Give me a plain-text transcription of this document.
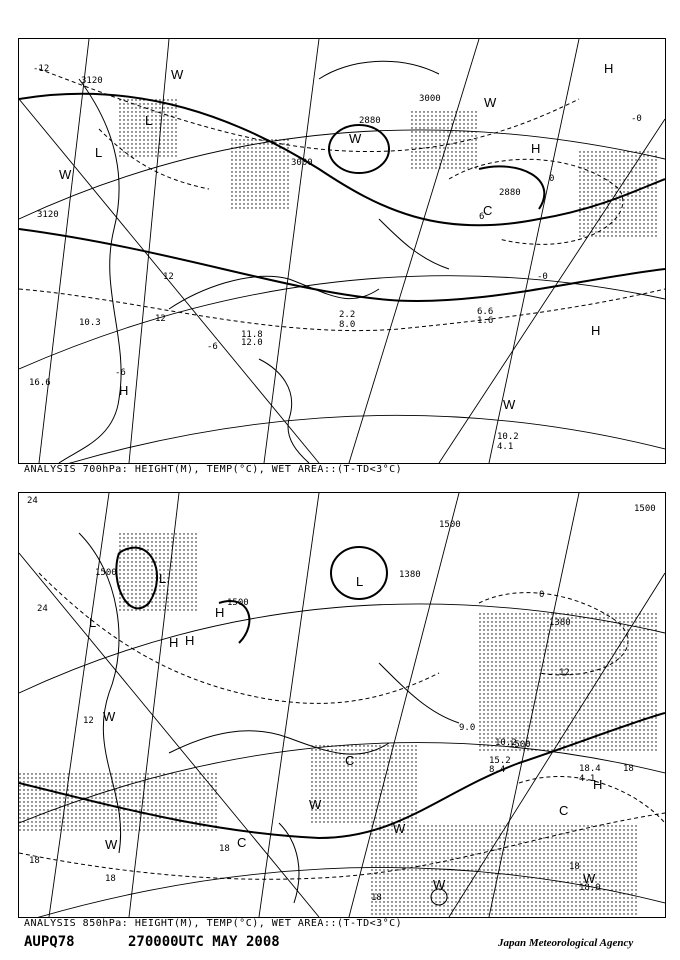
-12
3120
3120
3000
3000
2880
2880
12
12
-6
-6
0
-0
6
-0
L
L
H
W
W
W
W
C
H
H
W
H
10.3
16.6
11.8
12.0
10.2
4.1
6.6
1.6
2.2
8.0
ANALYSIS 700hPa: HEIGHT(M), TEMP(°C), WET AREA::(T-TD<3°C)
24
24
1500
1500
1500
1500
1380
1380
1500
18
18
18
18
12
18
18
0
12
L
L
H
H
W
C
C
L
W
W
H
C
W	W
W
H
10.2
18.4
4.1
18.0
9.0
15.2
8.4
ANALYSIS 850hPa: HEIGHT(M), TEMP(°C), WET AREA::(T-TD<3°C)
AUPQ78	270000UTC MAY 2008	Japan Meteorological Agency
